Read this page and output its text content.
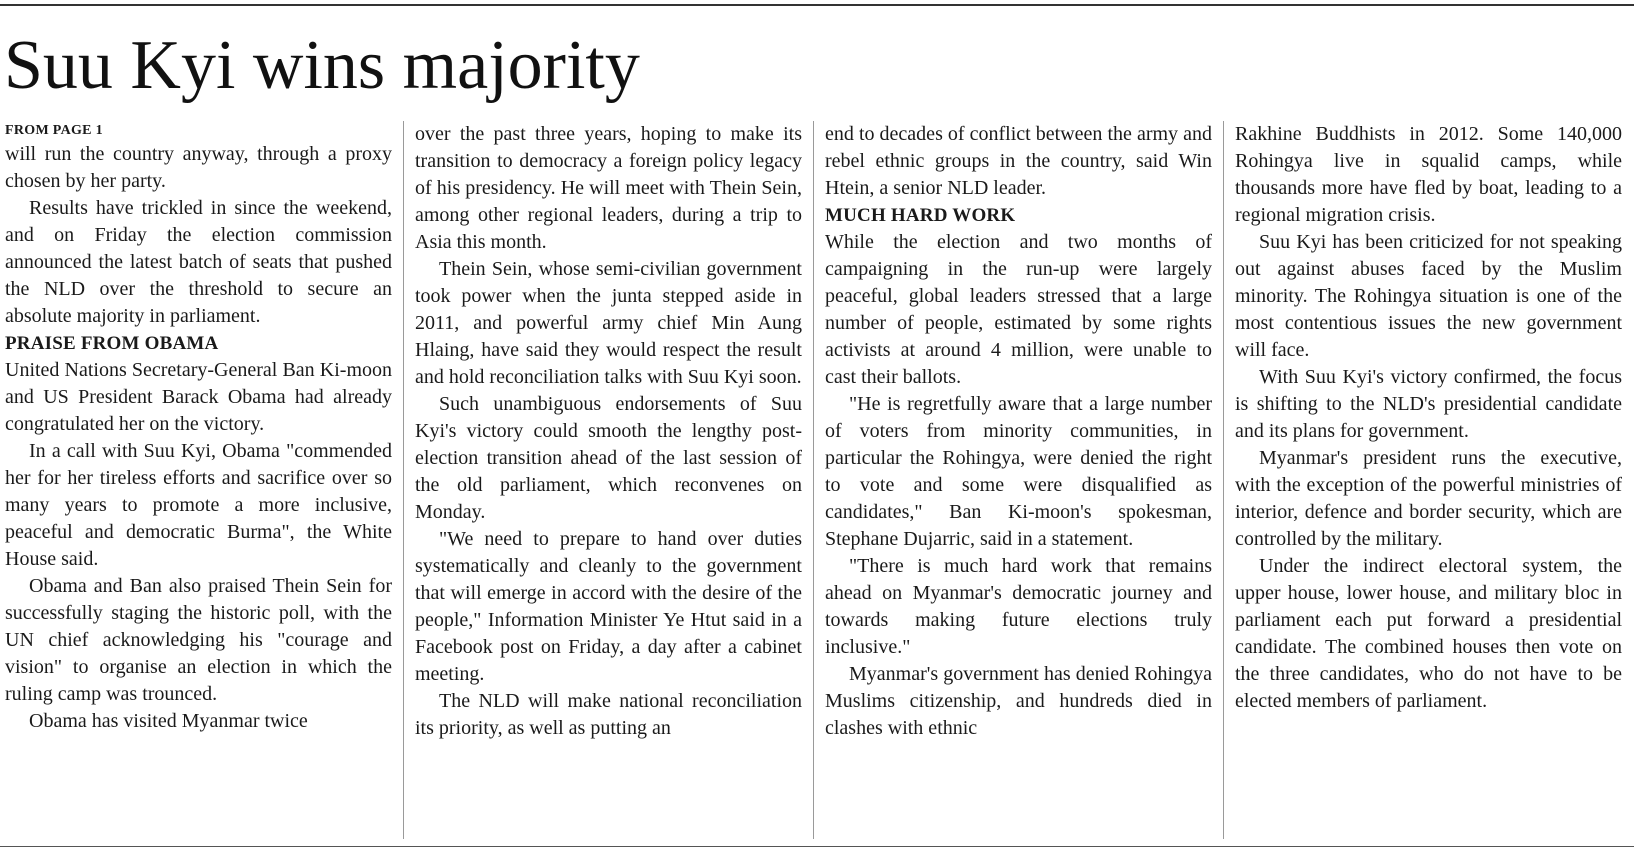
Suu Kyi wins majority
FROM PAGE 1

will run the country anyway, through a proxy chosen by her party.

Results have trickled in since the weekend, and on Friday the election commission announced the latest batch of seats that pushed the NLD over the threshold to secure an absolute majority in parliament.

PRAISE FROM OBAMA

United Nations Secretary-General Ban Ki-moon and US President Barack Obama had already congratulated her on the victory.

In a call with Suu Kyi, Obama "commended her for her tireless efforts and sacrifice over so many years to promote a more inclusive, peaceful and democratic Burma", the White House said.

Obama and Ban also praised Thein Sein for successfully staging the historic poll, with the UN chief acknowledging his "courage and vision" to organise an election in which the ruling camp was trounced.

Obama has visited Myanmar twice

over the past three years, hoping to make its transition to democracy a foreign policy legacy of his presidency. He will meet with Thein Sein, among other regional leaders, during a trip to Asia this month.

Thein Sein, whose semi-civilian government took power when the junta stepped aside in 2011, and powerful army chief Min Aung Hlaing, have said they would respect the result and hold reconciliation talks with Suu Kyi soon.

Such unambiguous endorsements of Suu Kyi's victory could smooth the lengthy post-election transition ahead of the last session of the old parliament, which reconvenes on Monday.

"We need to prepare to hand over duties systematically and cleanly to the government that will emerge in accord with the desire of the people," Information Minister Ye Htut said in a Facebook post on Friday, a day after a cabinet meeting.

The NLD will make national reconciliation its priority, as well as putting an

end to decades of conflict between the army and rebel ethnic groups in the country, said Win Htein, a senior NLD leader.

MUCH HARD WORK

While the election and two months of campaigning in the run-up were largely peaceful, global leaders stressed that a large number of people, estimated by some rights activists at around 4 million, were unable to cast their ballots.

"He is regretfully aware that a large number of voters from minority communities, in particular the Rohingya, were denied the right to vote and some were disqualified as candidates," Ban Ki-moon's spokesman, Stephane Dujarric, said in a statement.

"There is much hard work that remains ahead on Myanmar's democratic journey and towards making future elections truly inclusive."

Myanmar's government has denied Rohingya Muslims citizenship, and hundreds died in clashes with ethnic

Rakhine Buddhists in 2012. Some 140,000 Rohingya live in squalid camps, while thousands more have fled by boat, leading to a regional migration crisis.

Suu Kyi has been criticized for not speaking out against abuses faced by the Muslim minority. The Rohingya situation is one of the most contentious issues the new government will face.

With Suu Kyi's victory confirmed, the focus is shifting to the NLD's presidential candidate and its plans for government.

Myanmar's president runs the executive, with the exception of the powerful ministries of interior, defence and border security, which are controlled by the military.

Under the indirect electoral system, the upper house, lower house, and military bloc in parliament each put forward a presidential candidate. The combined houses then vote on the three candidates, who do not have to be elected members of parliament.
